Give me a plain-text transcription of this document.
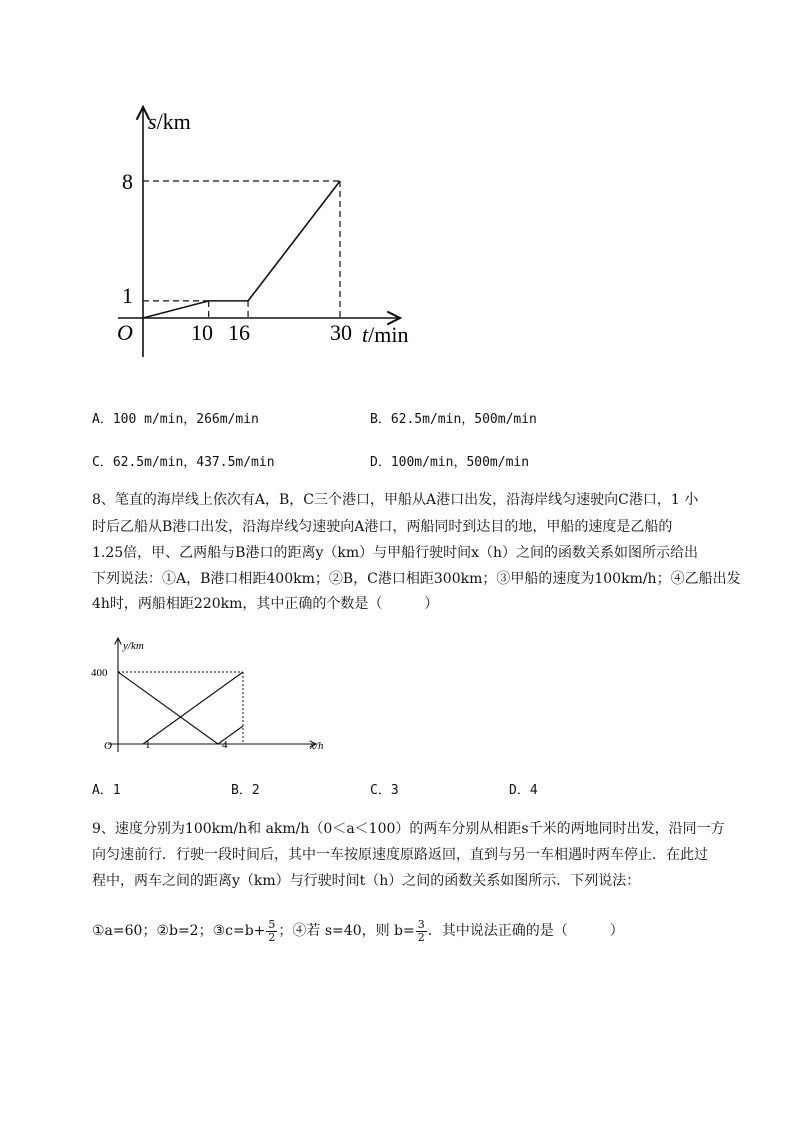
s/km
t/min
O
8
1
10 16	30
A．100 m/min，266m/min	B．62.5m/min，500m/min
C．62.5m/min，437.5m/min	D．100m/min，500m/min
8、笔直的海岸线上依次有A，B，C三个港口，甲船从A港口出发，沿海岸线匀速驶向C港口，1 小
时后乙船从B港口出发，沿海岸线匀速驶向A港口，两船同时到达目的地，甲船的速度是乙船的
1.25倍，甲、乙两船与B港口的距离y（km）与甲船行驶时间x（h）之间的函数关系如图所示给出
下列说法：①A，B港口相距400km；②B，C港口相距300km；③甲船的速度为100km/h；④乙船出发
4h时，两船相距220km，其中正确的个数是（　　　）
y/km
x/h
O
400
1	4
A．1	B．2	C．3	D．4
9、速度分别为100km/h和 akm/h（0＜a＜100）的两车分别从相距s千米的两地同时出发，沿同一方
向匀速前行．行驶一段时间后，其中一车按原速度原路返回，直到与另一车相遇时两车停止．在此过
程中，两车之间的距离y（km）与行驶时间t（h）之间的函数关系如图所示．下列说法：
①a=60；②b=2；③c=b+ $\frac{5}{2}$ ；④若 s=40，则 $b= \frac{3}{2}$ ．其中说法正确的是（　　　）
